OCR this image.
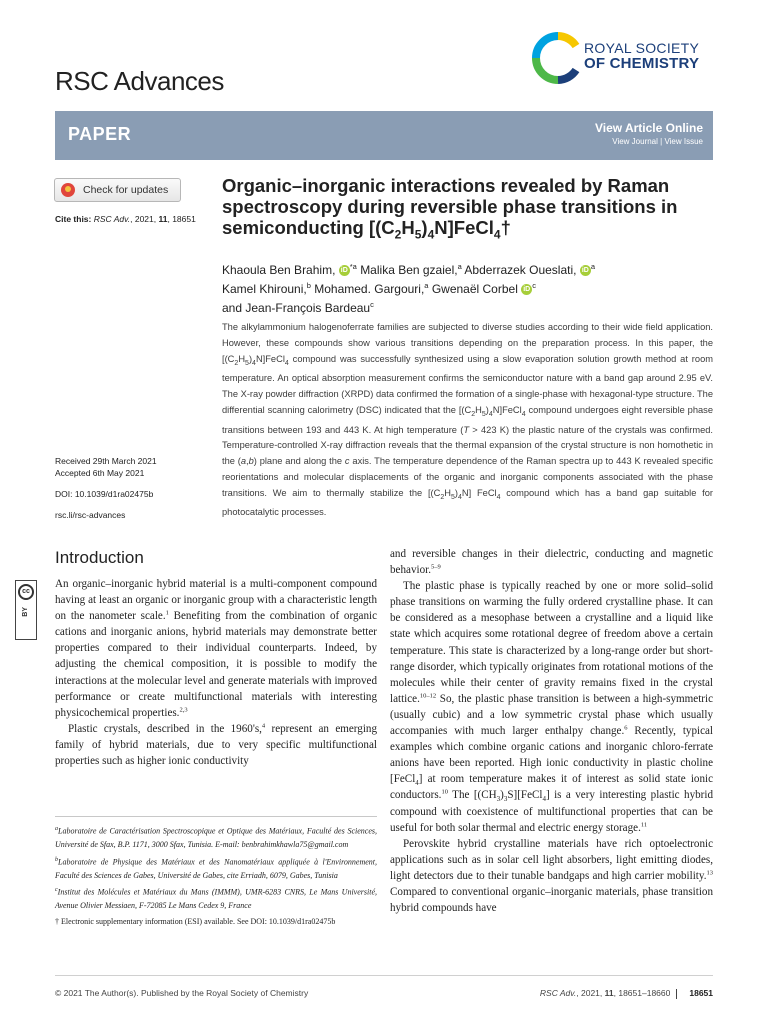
RSC Advances
ROYAL SOCIETY
OF CHEMISTRY
PAPER	View Article Online
View Journal | View Issue
Check for updates
Cite this: RSC Adv., 2021, 11, 18651
Organic–inorganic interactions revealed by Raman spectroscopy during reversible phase transitions in semiconducting $[(C_2H_5)_4N]FeCl_4\dagger$
Khaoula Ben Brahim, iD $^{*a}$ Malika Ben gzaiel,$^a$ Abderrazek Oueslati, iD $^a$
Kamel Khirouni,$^b$ Mohamed. Gargouri,$^a$ Gwenaël Corbel iD $^c$
and Jean-François Bardeau$^c$
The alkylammonium halogenoferrate families are subjected to diverse studies according to their wide field application. However, these compounds show various transitions depending on the preparation process. In this paper, the $[(C_2H_5)_4N]FeCl_4$ compound was successfully synthesized using a slow evaporation solution growth method at room temperature. An optical absorption measurement confirms the semiconductor nature with a band gap around 2.95 eV. The X-ray powder diffraction (XRPD) data confirmed the formation of a single-phase with hexagonal-type structure. The differential scanning calorimetry (DSC) indicated that the $[(C_2H_5)_4N]FeCl_4$ compound undergoes eight reversible phase transitions between 193 and 443 K. At high temperature (T > 423 K) the plastic nature of the crystals was confirmed. Temperature-controlled X-ray diffraction reveals that the thermal expansion of the crystal structure is non homothetic in the (a,b) plane and along the c axis. The temperature dependence of the Raman spectra up to 443 K revealed specific reorientations and molecular displacements of the organic and inorganic components associated with the phase transitions. We aim to thermally stabilize the $[(C_2H_5)_4N]$ FeCl$_4$ compound which has a band gap suitable for photocatalytic processes.
Received 29th March 2021
Accepted 6th May 2021
DOI: 10.1039/d1ra02475b
rsc.li/rsc-advances
cc
BY
Introduction

An organic–inorganic hybrid material is a multi-component compound having at least an organic or inorganic group with a characteristic length on the nanometer scale.$^1$ Benefiting from the combination of organic cations and inorganic anions, hybrid materials may demonstrate better properties compared to their individual counterparts. Indeed, by adjusting the chemical composition, it is possible to modify the interactions at the molecular level and generate materials with improved performance or create multifunctional materials with interesting physicochemical properties.$^{2,3}$

Plastic crystals, described in the 1960's,$^4$ represent an emerging family of hybrid materials, due to very specific multifunctional properties such as higher ionic conductivity

and reversible changes in their dielectric, conducting and magnetic behavior.$^{5-9}$

The plastic phase is typically reached by one or more solid–solid phase transitions on warming the fully ordered crystalline phase. It can be considered as a mesophase between a crystalline and a liquid like state which acquires some rotational degree of freedom above a certain temperature. This state is characterized by a long-range order but short-range disorder, which typically originates from rotational motions of the molecules while their center of gravity remains fixed in the crystal lattice.$^{10-12}$ So, the plastic phase transition is between a high-symmetric (usually cubic) and a low symmetric crystal phase which usually accompanies with much larger enthalpy change.$^6$ Recently, typical examples which combine organic cations and inorganic chloro-ferrate anions have been reported. High ionic conductivity in plastic choline [FeCl$_4$] at room temperature makes it of interest as solid state ionic conductors.$^{10}$ The $[(CH_3)_3S][FeCl_4]$ is a very interesting plastic hybrid compound with coexistence of multifunctional properties that can be useful for both solar thermal and electric energy storage.$^{11}$

Perovskite hybrid crystalline materials have rich optoelectronic applications such as in solar cell light absorbers, light emitting diodes, light detectors due to their tunable bandgaps and high carrier mobility.$^{13}$ Compared to conventional organic–inorganic materials, phase transition hybrid compounds have

$^a$Laboratoire de Caractérisation Spectroscopique et Optique des Matériaux, Faculté des Sciences, Université de Sfax, B.P. 1171, 3000 Sfax, Tunisia. E-mail: benbrahimkhawla75@gmail.com

$^b$Laboratoire de Physique des Matériaux et des Nanomatériaux appliquée à l'Environnement, Faculté des Sciences de Gabes, Université de Gabes, cite Erriadh, 6079, Gabes, Tunisia

$^c$Institut des Molécules et Matériaux du Mans (IMMM), UMR-6283 CNRS, Le Mans Université, Avenue Olivier Messiaen, F-72085 Le Mans Cedex 9, France

† Electronic supplementary information (ESI) available. See DOI: 10.1039/d1ra02475b

© 2021 The Author(s). Published by the Royal Society of Chemistry	RSC Adv., 2021, 11, 18651–18660 18651
